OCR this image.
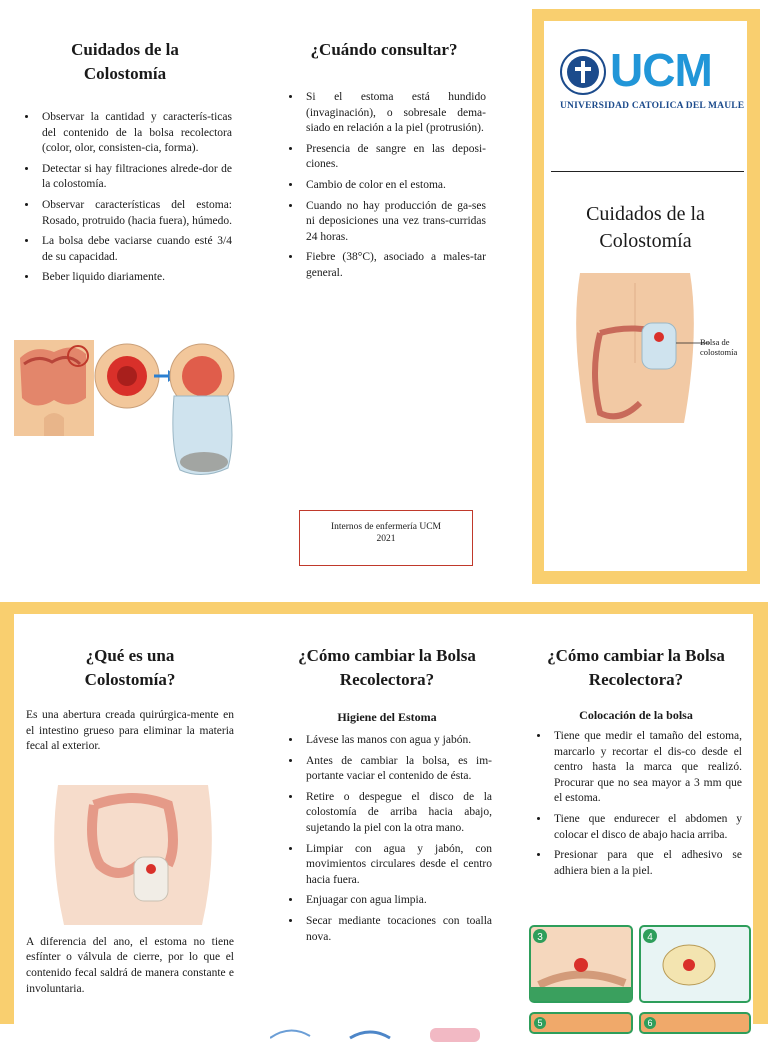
Cuidados de la Colostomía
• Observar la cantidad y caracterís-ticas del contenido de la bolsa recolectora (color, olor, consisten-cia, forma).
• Detectar si hay filtraciones alrede-dor de la colostomía.
• Observar características del estoma: Rosado, protruido (hacia fuera), húmedo.
• La bolsa debe vaciarse cuando esté 3/4 de su capacidad.
• Beber liquido diariamente.
¿Cuándo consultar?
• Si el estoma está hundido (invaginación), o sobresale dema-siado en relación a la piel (protrusión).
• Presencia de sangre en las deposi-ciones.
• Cambio de color en el estoma.
• Cuando no hay producción de ga-ses ni deposiciones una vez trans-curridas 24 horas.
• Fiebre (38°C), asociado a males-tar general.
Internos de enfermería UCM
2021
UCM
UNIVERSIDAD CATOLICA DEL MAULE
Cuidados de la Colostomía
Bolsa de colostomía
¿Qué es una Colostomía?

Es una abertura creada quirúrgica-mente en el intestino grueso para eliminar la materia fecal al exterior.

A diferencia del ano, el estoma no tiene esfínter o válvula de cierre, por lo que el contenido fecal saldrá de manera constante e involuntaria.

¿Cómo cambiar la Bolsa Recolectora?

Higiene del Estoma

• Lávese las manos con agua y jabón.
• Antes de cambiar la bolsa, es im-portante vaciar el contenido de ésta.
• Retire o despegue el disco de la colostomía de arriba hacia abajo, sujetando la piel con la otra mano.
• Limpiar con agua y jabón, con movimientos circulares desde el centro hacia fuera.
• Enjuagar con agua limpia.
• Secar mediante tocaciones con toalla nova.
¿Cómo cambiar la Bolsa Recolectora?

Colocación de la bolsa

• Tiene que medir el tamaño del estoma, marcarlo y recortar el dis-co desde el centro hasta la marca que realizó. Procurar que no sea mayor a 3 mm que el estoma.
• Tiene que endurecer el abdomen y colocar el disco de abajo hacia arriba.
• Presionar para que el adhesivo se adhiera bien a la piel.
3	4
5	6
